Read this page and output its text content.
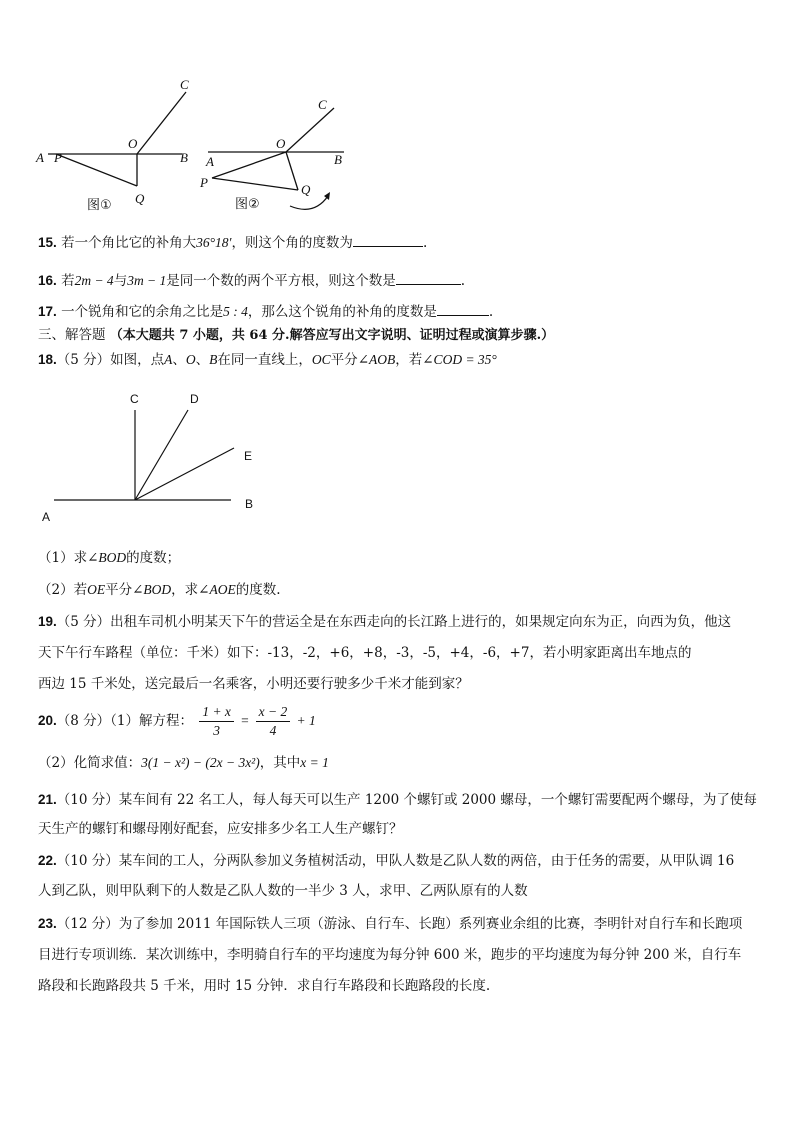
A P
O
B
C
Q
图①
A
P
O
B
C
Q
图②
15. 若一个角比它的补角大36°18′，则这个角的度数为	.
16. 若2m − 4与3m − 1是同一个数的两个平方根，则这个数是	.
17. 一个锐角和它的余角之比是5 : 4，那么这个锐角的补角的度数是	.
三、解答题 （本大题共 7 小题，共 64 分.解答应写出文字说明、证明过程或演算步骤.）
18.（5 分）如图，点A、O、B在同一直线上，OC平分∠AOB，若∠COD = 35°
C	D
E
A
B
（1）求∠BOD的度数；
（2）若OE平分∠BOD，求∠AOE的度数.
19.（5 分）出租车司机小明某天下午的营运全是在东西走向的长江路上进行的，如果规定向东为正，向西为负，他这
天下午行车路程（单位：千米）如下：-13，-2，+6，+8，-3，-5，+4，-6，+7，若小明家距离出车地点的
西边 15 千米处，送完最后一名乘客，小明还要行驶多少千米才能到家？
20.（8 分）（1）解方程： $\frac{1 + x}{3} = \frac{x - 2}{4} + 1$
（2）化简求值：3(1 − x²) − (2x − 3x²)，其中x = 1
21.（10 分）某车间有 22 名工人，每人每天可以生产 1200 个螺钉或 2000 螺母，一个螺钉需要配两个螺母，为了使每
天生产的螺钉和螺母刚好配套，应安排多少名工人生产螺钉？
22.（10 分）某车间的工人，分两队参加义务植树活动，甲队人数是乙队人数的两倍，由于任务的需要，从甲队调 16
人到乙队，则甲队剩下的人数是乙队人数的一半少 3 人，求甲、乙两队原有的人数
23.（12 分）为了参加 2011 年国际铁人三项（游泳、自行车、长跑）系列赛业余组的比赛，李明针对自行车和长跑项
目进行专项训练．某次训练中，李明骑自行车的平均速度为每分钟 600 米，跑步的平均速度为每分钟 200 米，自行车
路段和长跑路段共 5 千米，用时 15 分钟．求自行车路段和长跑路段的长度.
